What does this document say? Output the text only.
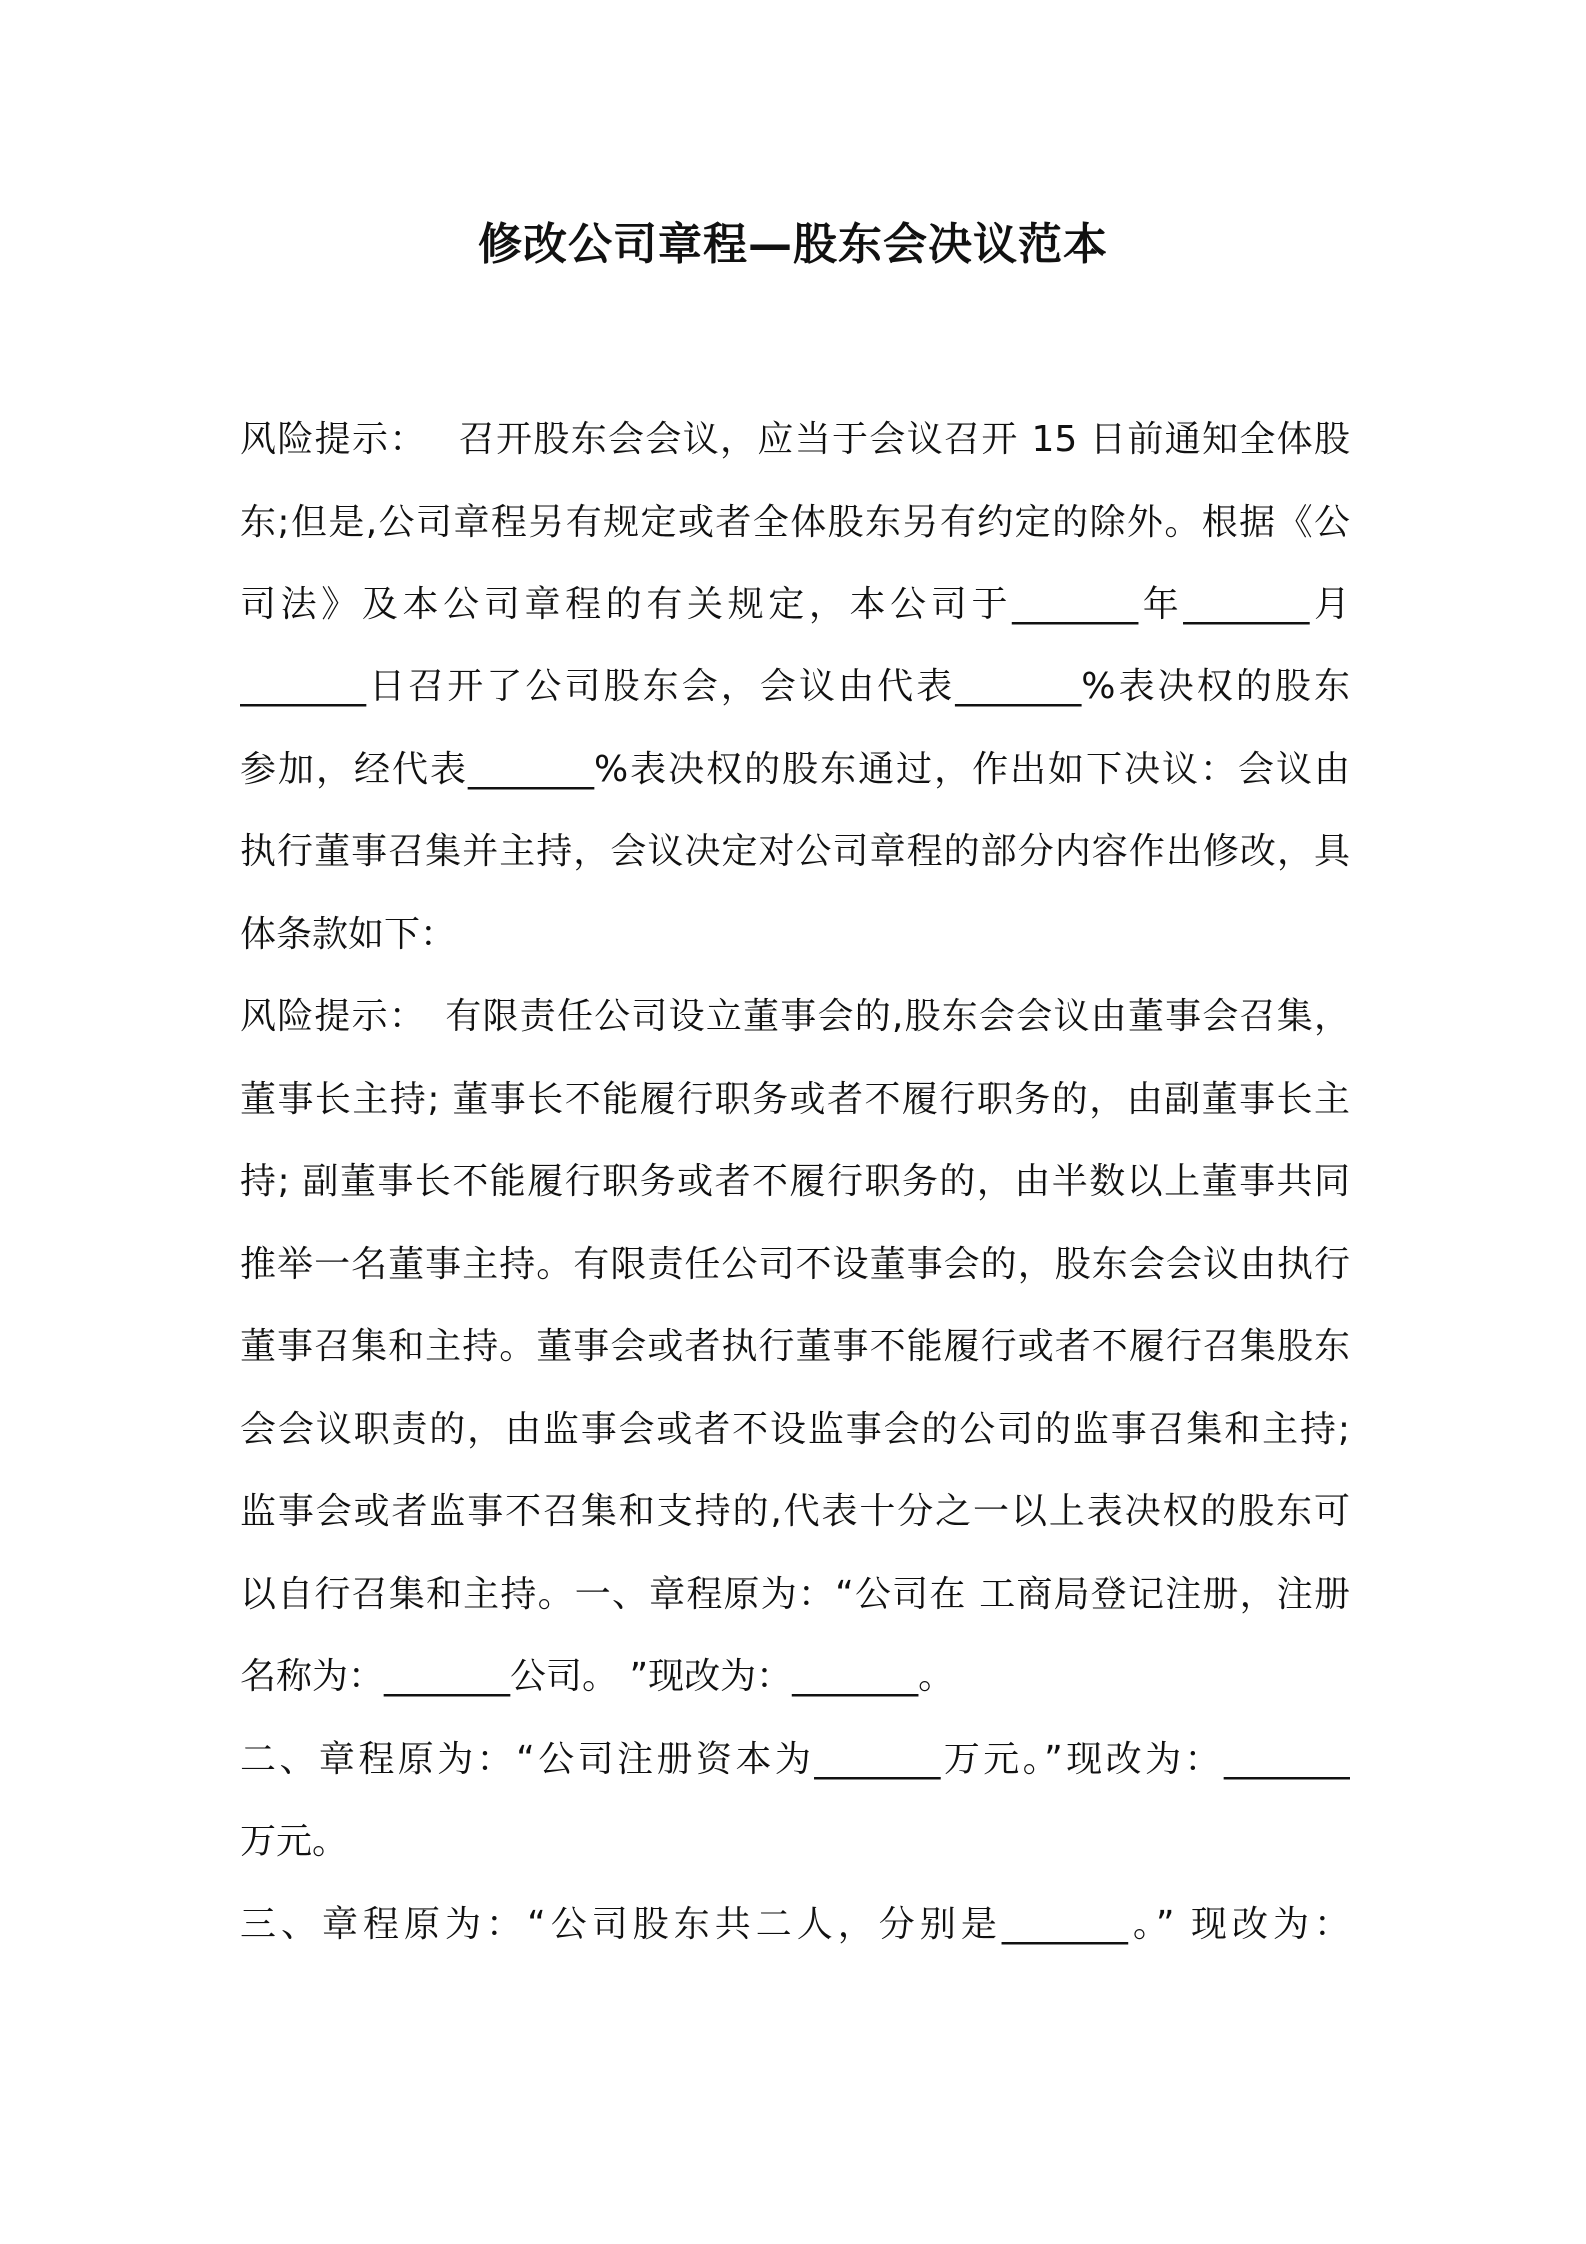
修改公司章程—股东会决议范本
风险提示：　 召开股东会会议，应当于会议召开 15 日前通知全体股
东;但是,公司章程另有规定或者全体股东另有约定的除外。根据《公
司法》及本公司章程的有关规定，本公司于_______年_______月
_______日召开了公司股东会，会议由代表_______%表决权的股东
参加，经代表_______%表决权的股东通过，作出如下决议：会议由
执行董事召集并主持，会议决定对公司章程的部分内容作出修改，具
体条款如下：
风险提示：　有限责任公司设立董事会的,股东会会议由董事会召集，
董事长主持; 董事长不能履行职务或者不履行职务的，由副董事长主
持; 副董事长不能履行职务或者不履行职务的，由半数以上董事共同
推举一名董事主持。有限责任公司不设董事会的，股东会会议由执行
董事召集和主持。董事会或者执行董事不能履行或者不履行召集股东
会会议职责的，由监事会或者不设监事会的公司的监事召集和主持;
监事会或者监事不召集和支持的,代表十分之一以上表决权的股东可
以自行召集和主持。一、章程原为：“公司在 工商局登记注册，注册
名称为：_______公司。 ”现改为：_______。
二、章程原为：“公司注册资本为_______万元。”现改为：_______
万元。
三、章程原为：“公司股东共二人，分别是_______。” 现改为：
